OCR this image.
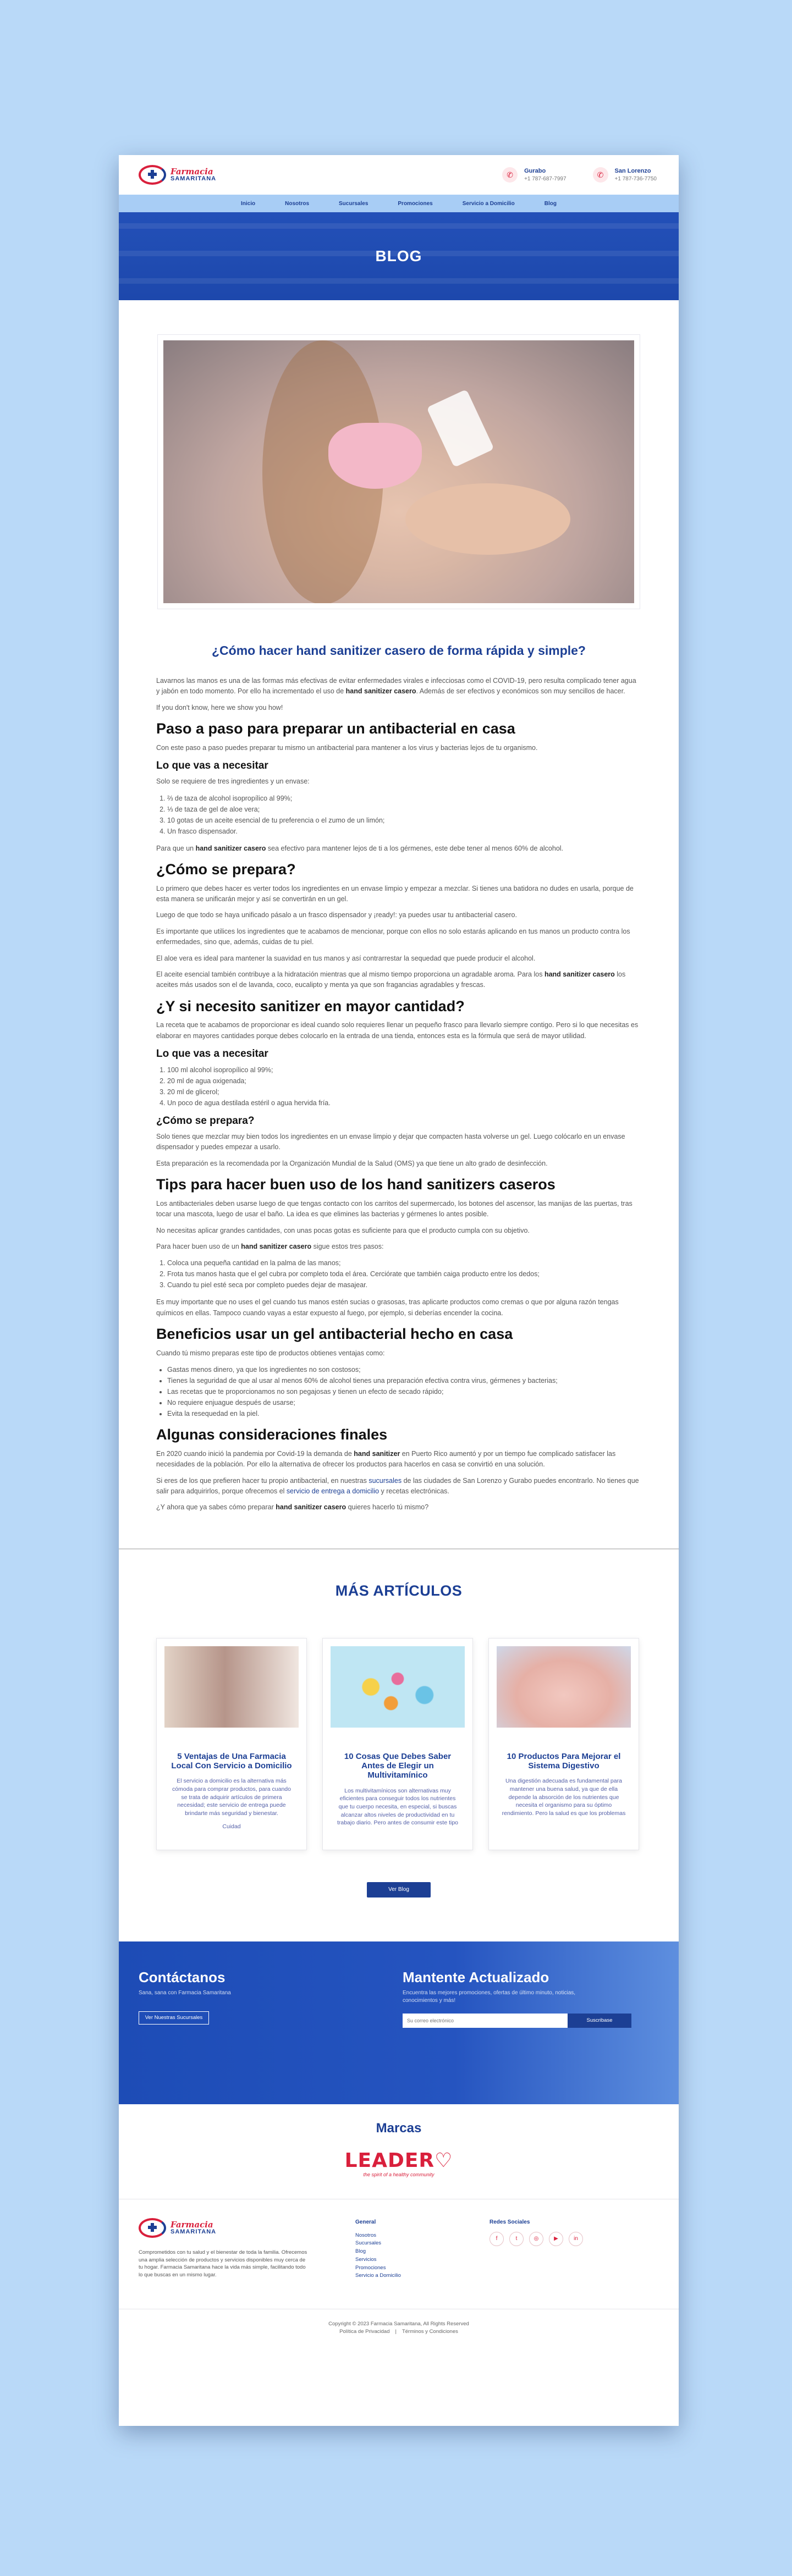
Farmacia
SAMARITANA	✆	Gurabo
+1 787-687-7997	✆	San Lorenzo
+1 787-736-7750
Inicio	Nosotros	Sucursales	Promociones	Servicio a Domicilio	Blog
BLOG
¿Cómo hacer hand sanitizer casero de forma rápida y simple?

Lavarnos las manos es una de las formas más efectivas de evitar enfermedades virales e infecciosas como el COVID-19, pero resulta complicado tener agua y jabón en todo momento. Por ello ha incrementado el uso de hand sanitizer casero. Además de ser efectivos y económicos son muy sencillos de hacer.

If you don't know, here we show you how!

Paso a paso para preparar un antibacterial en casa

Con este paso a paso puedes preparar tu mismo un antibacterial para mantener a los virus y bacterias lejos de tu organismo.

Lo que vas a necesitar

Solo se requiere de tres ingredientes y un envase:

1. ⅔ de taza de alcohol isopropílico al 99%;
2. ⅓ de taza de gel de aloe vera;
3. 10 gotas de un aceite esencial de tu preferencia o el zumo de un limón;
4. Un frasco dispensador.

Para que un hand sanitizer casero sea efectivo para mantener lejos de ti a los gérmenes, este debe tener al menos 60% de alcohol.

¿Cómo se prepara?

Lo primero que debes hacer es verter todos los ingredientes en un envase limpio y empezar a mezclar. Si tienes una batidora no dudes en usarla, porque de esta manera se unificarán mejor y así se convertirán en un gel.

Luego de que todo se haya unificado pásalo a un frasco dispensador y ¡ready!: ya puedes usar tu antibacterial casero.

Es importante que utilices los ingredientes que te acabamos de mencionar, porque con ellos no solo estarás aplicando en tus manos un producto contra los enfermedades, sino que, además, cuidas de tu piel.

El aloe vera es ideal para mantener la suavidad en tus manos y así contrarrestar la sequedad que puede producir el alcohol.

El aceite esencial también contribuye a la hidratación mientras que al mismo tiempo proporciona un agradable aroma. Para los hand sanitizer casero los aceites más usados son el de lavanda, coco, eucalipto y menta ya que son fragancias agradables y frescas.

¿Y si necesito sanitizer en mayor cantidad?

La receta que te acabamos de proporcionar es ideal cuando solo requieres llenar un pequeño frasco para llevarlo siempre contigo. Pero si lo que necesitas es elaborar en mayores cantidades porque debes colocarlo en la entrada de una tienda, entonces esta es la fórmula que será de mayor utilidad.

Lo que vas a necesitar
1. 100 ml alcohol isopropílico al 99%;
2. 20 ml de agua oxigenada;
3. 20 ml de glicerol;
4. Un poco de agua destilada estéril o agua hervida fría.
¿Cómo se prepara?

Solo tienes que mezclar muy bien todos los ingredientes en un envase limpio y dejar que compacten hasta volverse un gel. Luego colócarlo en un envase dispensador y puedes empezar a usarlo.

Esta preparación es la recomendada por la Organización Mundial de la Salud (OMS) ya que tiene un alto grado de desinfección.

Tips para hacer buen uso de los hand sanitizers caseros

Los antibacteriales deben usarse luego de que tengas contacto con los carritos del supermercado, los botones del ascensor, las manijas de las puertas, tras tocar una mascota, luego de usar el baño. La idea es que elimines las bacterias y gérmenes lo antes posible.

No necesitas aplicar grandes cantidades, con unas pocas gotas es suficiente para que el producto cumpla con su objetivo.

Para hacer buen uso de un hand sanitizer casero sigue estos tres pasos:

1. Coloca una pequeña cantidad en la palma de las manos;
2. Frota tus manos hasta que el gel cubra por completo toda el área. Cerciórate que también caiga producto entre los dedos;
3. Cuando tu piel esté seca por completo puedes dejar de masajear.

Es muy importante que no uses el gel cuando tus manos estén sucias o grasosas, tras aplicarte productos como cremas o que por alguna razón tengas químicos en ellas. Tampoco cuando vayas a estar expuesto al fuego, por ejemplo, si deberías encender la cocina.

Beneficios usar un gel antibacterial hecho en casa

Cuando tú mismo preparas este tipo de productos obtienes ventajas como:

• Gastas menos dinero, ya que los ingredientes no son costosos;
• Tienes la seguridad de que al usar al menos 60% de alcohol tienes una preparación efectiva contra virus, gérmenes y bacterias;
• Las recetas que te proporcionamos no son pegajosas y tienen un efecto de secado rápido;
• No requiere enjuague después de usarse;
• Evita la resequedad en la piel.
Algunas consideraciones finales

En 2020 cuando inició la pandemia por Covid-19 la demanda de hand sanitizer en Puerto Rico aumentó y por un tiempo fue complicado satisfacer las necesidades de la población. Por ello la alternativa de ofrecer los productos para hacerlos en casa se convirtió en una solución.

Si eres de los que prefieren hacer tu propio antibacterial, en nuestras sucursales de las ciudades de San Lorenzo y Gurabo puedes encontrarlo. No tienes que salir para adquirirlos, porque ofrecemos el servicio de entrega a domicilio y recetas electrónicas.

¿Y ahora que ya sabes cómo preparar hand sanitizer casero quieres hacerlo tú mismo?

MÁS ARTÍCULOS
5 Ventajas de Una Farmacia Local Con Servicio a Domicilio

El servicio a domicilio es la alternativa más cómoda para comprar productos, para cuando se trata de adquirir artículos de primera necesidad; este servicio de entrega puede brindarte más seguridad y bienestar.

Cuidad
10 Cosas Que Debes Saber Antes de Elegir un Multivitamínico

Los multivitamínicos son alternativas muy eficientes para conseguir todos los nutrientes que tu cuerpo necesita, en especial, si buscas alcanzar altos niveles de productividad en tu trabajo diario. Pero antes de consumir este tipo

10 Productos Para Mejorar el Sistema Digestivo

Una digestión adecuada es fundamental para mantener una buena salud, ya que de ella depende la absorción de los nutrientes que necesita el organismo para su óptimo rendimiento. Pero la salud es que los problemas

Ver Blog
Contáctanos
Sana, sana con Farmacia Samaritana
Ver Nuestras Sucursales
Mantente Actualizado
Encuentra las mejores promociones, ofertas de último minuto, noticias, conocimientos y más!
Su correo electrónico
Suscribase
Marcas
LEADER♡
the spirit of a healthy community
Farmacia
SAMARITANA

Comprometidos con tu salud y el bienestar de toda la familia. Ofrecemos una amplia selección de productos y servicios disponibles muy cerca de tu hogar. Farmacia Samaritana hace la vida más simple, facilitando todo lo que buscas en un mismo lugar.

General
Nosotros
Sucursales
Blog
Servicios
Promociones
Servicio a Domicilio
Redes Sociales
f	t	◎	▶	in
Copyright © 2023 Farmacia Samaritana, All Rights Reserved
Política de Privacidad | Términos y Condiciones
